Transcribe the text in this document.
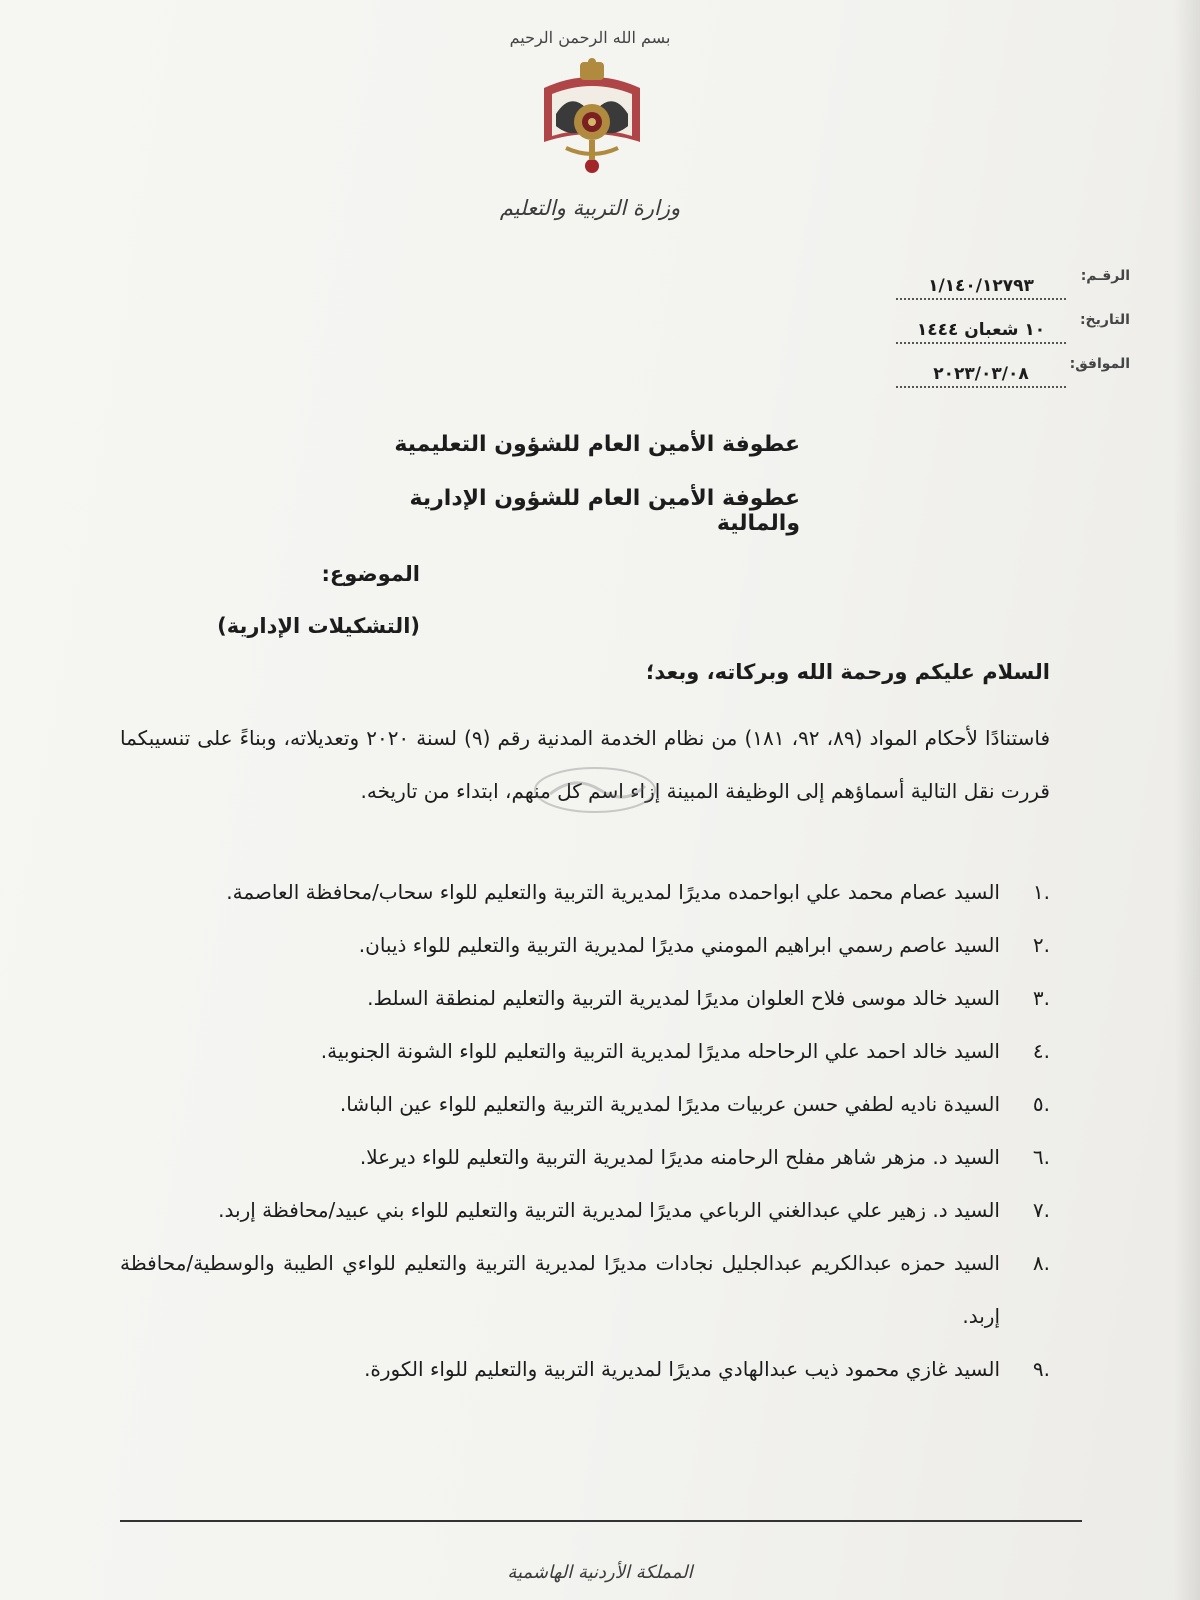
بسم الله الرحمن الرحيم
وزارة التربية والتعليم
الرقـم:
١/١٤٠/١٢٧٩٣
التاريخ:
١٠ شعبان ١٤٤٤
الموافق:
٢٠٢٣/٠٣/٠٨
عطوفة الأمين العام للشؤون التعليمية
عطوفة الأمين العام للشؤون الإدارية والمالية
الموضوع:
(التشكيلات الإدارية)
السلام عليكم ورحمة الله وبركاته، وبعد؛
فاستنادًا لأحكام المواد (٨٩، ٩٢، ١٨١) من نظام الخدمة المدنية رقم (٩) لسنة ٢٠٢٠ وتعديلاته، وبناءً على تنسيبكما قررت نقل التالية أسماؤهم إلى الوظيفة المبينة إزاء اسم كل منهم، ابتداء من تاريخه.
.١
السيد عصام محمد علي ابواحمده مديرًا لمديرية التربية والتعليم للواء سحاب/محافظة العاصمة.
.٢
السيد عاصم رسمي ابراهيم المومني مديرًا لمديرية التربية والتعليم للواء ذيبان.
.٣
السيد خالد موسى فلاح العلوان مديرًا لمديرية التربية والتعليم لمنطقة السلط.
.٤
السيد خالد احمد علي الرحاحله مديرًا لمديرية التربية والتعليم للواء الشونة الجنوبية.
.٥
السيدة ناديه لطفي حسن عربيات مديرًا لمديرية التربية والتعليم للواء عين الباشا.
.٦
السيد د. مزهر شاهر مفلح الرحامنه مديرًا لمديرية التربية والتعليم للواء ديرعلا.
.٧
السيد د. زهير علي عبدالغني الرباعي مديرًا لمديرية التربية والتعليم للواء بني عبيد/محافظة إربد.
.٨
السيد حمزه عبدالكريم عبدالجليل نجادات مديرًا لمديرية التربية والتعليم للواءي الطيبة والوسطية/محافظة إربد.
.٩
السيد غازي محمود ذيب عبدالهادي مديرًا لمديرية التربية والتعليم للواء الكورة.
المملكة الأردنية الهاشمية
